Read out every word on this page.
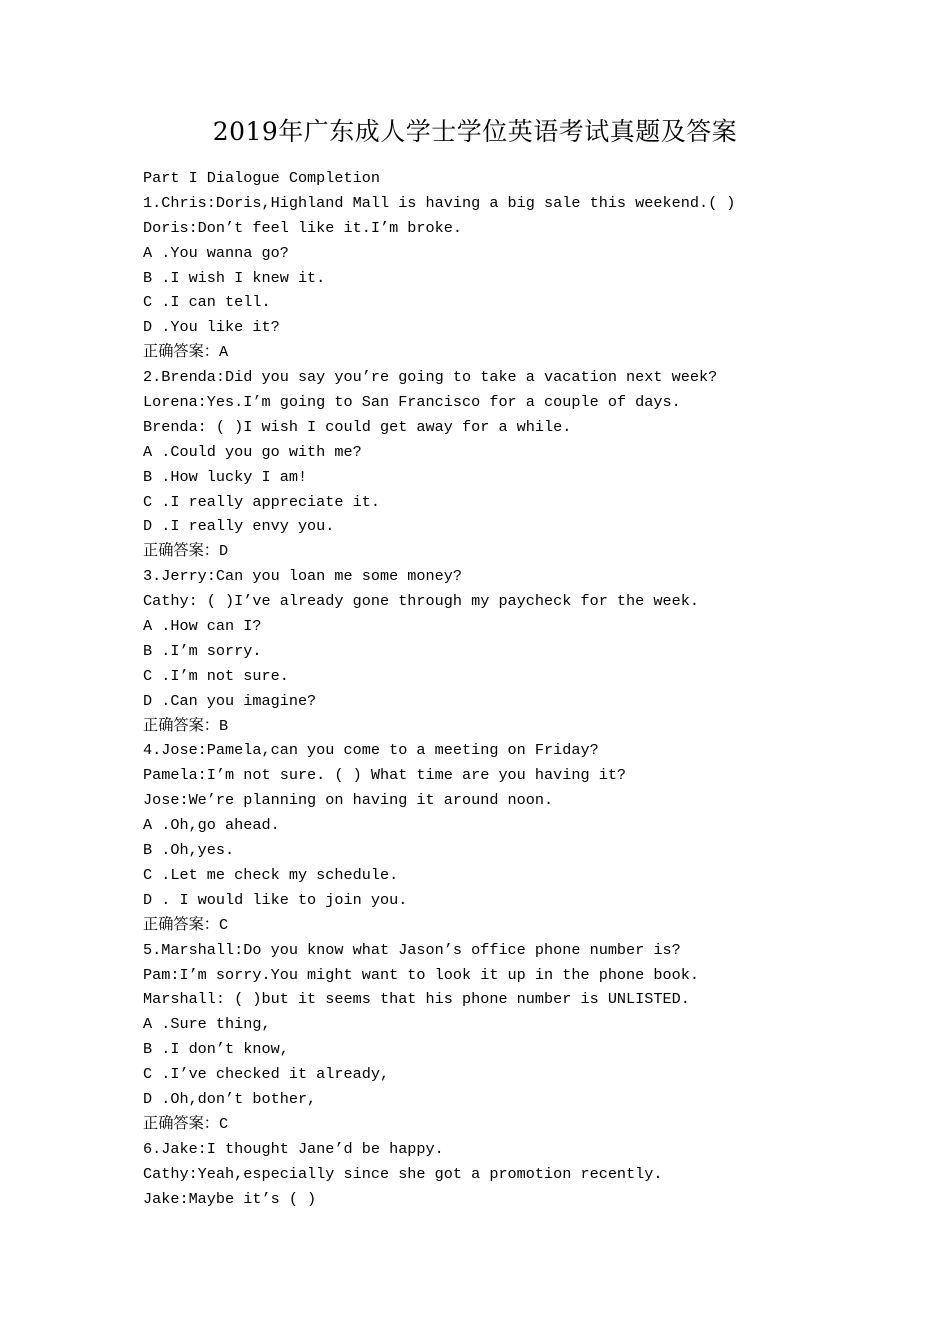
2019年广东成人学士学位英语考试真题及答案
Part I Dialogue Completion
1.Chris:Doris,Highland Mall is having a big sale this weekend.( )
Doris:Don’t feel like it.I’m broke.
A .You wanna go?
B .I wish I knew it.
C .I can tell.
D .You like it?
正确答案：A
2.Brenda:Did you say you’re going to take a vacation next week?
Lorena:Yes.I’m going to San Francisco for a couple of days.
Brenda: ( )I wish I could get away for a while.
A .Could you go with me?
B .How lucky I am!
C .I really appreciate it.
D .I really envy you.
正确答案：D
3.Jerry:Can you loan me some money?
Cathy: ( )I’ve already gone through my paycheck for the week.
A .How can I?
B .I’m sorry.
C .I’m not sure.
D .Can you imagine?
正确答案：B
4.Jose:Pamela,can you come to a meeting on Friday?
Pamela:I’m not sure. ( ) What time are you having it?
Jose:We’re planning on having it around noon.
A .Oh,go ahead.
B .Oh,yes.
C .Let me check my schedule.
D . I would like to join you.
正确答案：C
5.Marshall:Do you know what Jason’s office phone number is?
Pam:I’m sorry.You might want to look it up in the phone book.
Marshall: ( )but it seems that his phone number is UNLISTED.
A .Sure thing,
B .I don’t know,
C .I’ve checked it already,
D .Oh,don’t bother,
正确答案：C
6.Jake:I thought Jane’d be happy.
Cathy:Yeah,especially since she got a promotion recently.
Jake:Maybe it’s ( )
